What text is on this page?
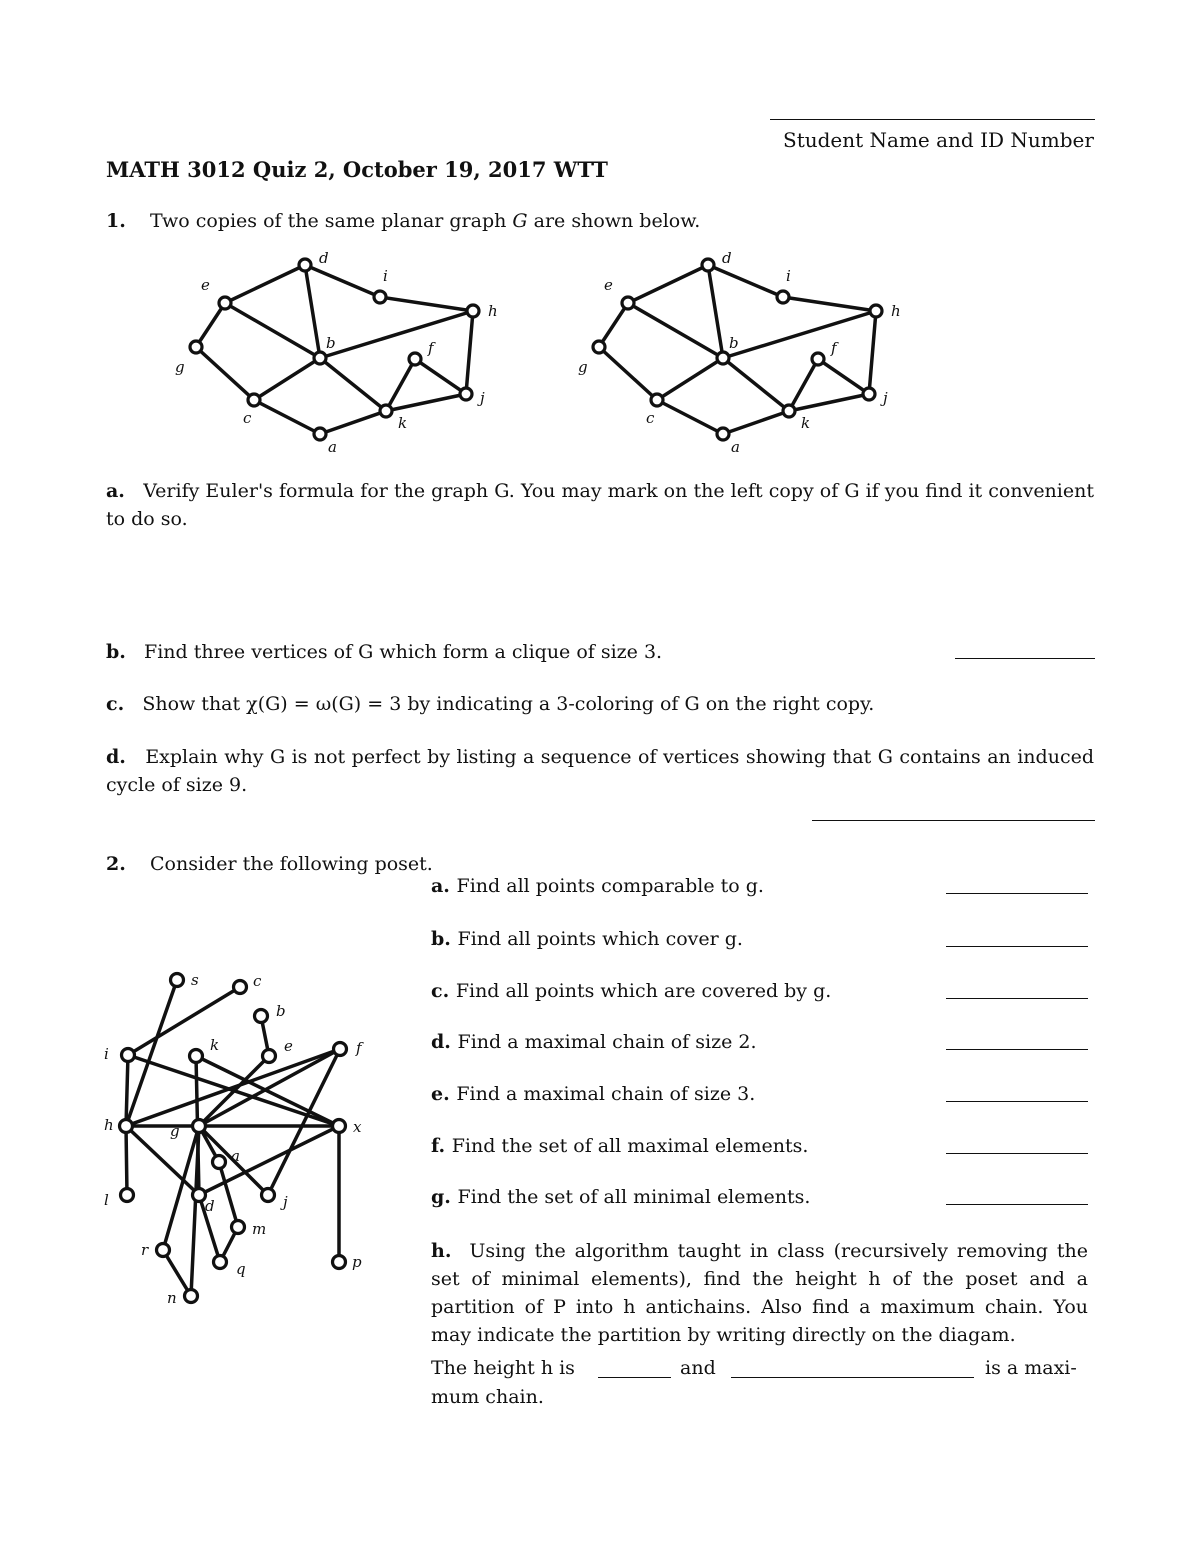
Student Name and ID Number
MATH 3012 Quiz 2, October 19, 2017 WTT
1. Two copies of the same planar graph G are shown below.
d
i
e
h
b	f
g
j
c	k
a
d
i
e
h
b	f
g
j
c	k
a
a. Verify Euler's formula for the graph G. You may mark on the left copy of G if you find it convenient to do so.
b. Find three vertices of G which form a clique of size 3.
c. Show that χ(G) = ω(G) = 3 by indicating a 3-coloring of G on the right copy.
d. Explain why G is not perfect by listing a sequence of vertices showing that G contains an induced cycle of size 9.
2. Consider the following poset.
s	c
b
i	k	e	f
h	g	x
a
l	d	j
m
r
q	p
n
a. Find all points comparable to g.
b. Find all points which cover g.
c. Find all points which are covered by g.
d. Find a maximal chain of size 2.
e. Find a maximal chain of size 3.
f. Find the set of all maximal elements.
g. Find the set of all minimal elements.
h. Using the algorithm taught in class (recursively removing the set of minimal elements), find the height h of the poset and a partition of P into h antichains. Also find a maximum chain. You may indicate the partition by writing directly on the diagam.
The height h is	and	is a maxi-
mum chain.
